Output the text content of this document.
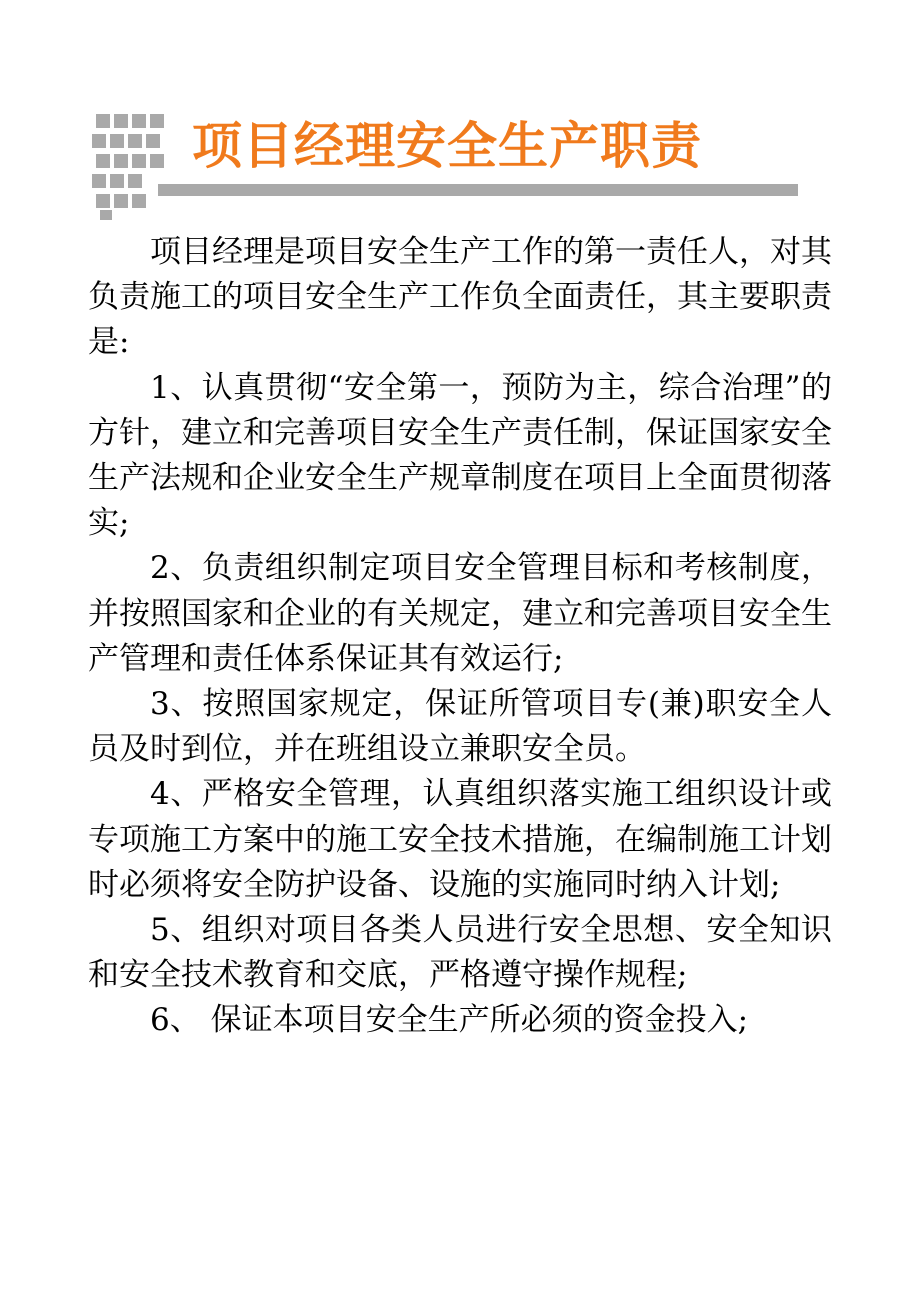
项目经理安全生产职责

项目经理是项目安全生产工作的第一责任人，对其负责施工的项目安全生产工作负全面责任，其主要职责是:

1、认真贯彻“安全第一，预防为主，综合治理”的方针，建立和完善项目安全生产责任制，保证国家安全生产法规和企业安全生产规章制度在项目上全面贯彻落实;

2、负责组织制定项目安全管理目标和考核制度，并按照国家和企业的有关规定，建立和完善项目安全生产管理和责任体系保证其有效运行;

3、按照国家规定，保证所管项目专(兼)职安全人员及时到位，并在班组设立兼职安全员。

4、严格安全管理，认真组织落实施工组织设计或专项施工方案中的施工安全技术措施，在编制施工计划时必须将安全防护设备、设施的实施同时纳入计划;

5、组织对项目各类人员进行安全思想、安全知识和安全技术教育和交底，严格遵守操作规程;

6、 保证本项目安全生产所必须的资金投入;
